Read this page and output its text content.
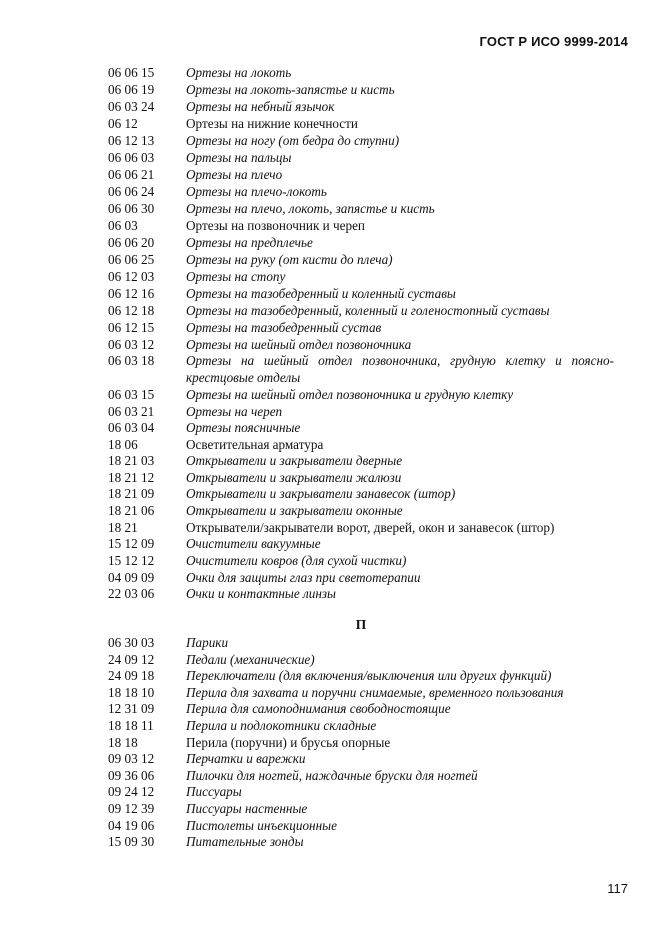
ГОСТ Р ИСО 9999-2014
06 06 15	Ортезы на локоть
06 06 19	Ортезы на локоть-запястье и кисть
06 03 24	Ортезы на небный язычок
06 12	Ортезы на нижние конечности
06 12 13	Ортезы на ногу (от бедра до ступни)
06 06 03	Ортезы на пальцы
06 06 21	Ортезы на плечо
06 06 24	Ортезы на плечо-локоть
06 06 30	Ортезы на плечо, локоть, запястье и кисть
06 03	Ортезы на позвоночник и череп
06 06 20	Ортезы на предплечье
06 06 25	Ортезы на руку (от кисти до плеча)
06 12 03	Ортезы на стопу
06 12 16	Ортезы на тазобедренный и коленный суставы
06 12 18	Ортезы на тазобедренный, коленный и голеностопный суставы
06 12 15	Ортезы на тазобедренный сустав
06 03 12	Ортезы на шейный отдел позвоночника
06 03 18	Ортезы на шейный отдел позвоночника, грудную клетку и пояснo-
крестцовые отделы
06 03 15	Ортезы на шейный отдел позвоночника и грудную клетку
06 03 21	Ортезы на череп
06 03 04	Ортезы поясничные
18 06	Осветительная арматура
18 21 03	Открыватели и закрыватели дверные
18 21 12	Открыватели и закрыватели жалюзи
18 21 09	Открыватели и закрыватели занавесок (штор)
18 21 06	Открыватели и закрыватели оконные
18 21	Открыватели/закрыватели ворот, дверей, окон и занавесок (штор)
15 12 09	Очистители вакуумные
15 12 12	Очистители ковров (для сухой чистки)
04 09 09	Очки для защиты глаз при светотерапии
22 03 06	Очки и контактные линзы
П
06 30 03	Парики
24 09 12	Педали (механические)
24 09 18	Переключатели (для включения/выключения или других функций)
18 18 10	Перила для захвата и поручни снимаемые, временного пользования
12 31 09	Перила для самоподнимания свободностоящие
18 18 11	Перила и подлокотники складные
18 18	Перила (поручни) и брусья опорные
09 03 12	Перчатки и варежки
09 36 06	Пилочки для ногтей, наждачные бруски для ногтей
09 24 12	Писсуары
09 12 39	Писсуары настенные
04 19 06	Пистолеты инъекционные
15 09 30	Питательные зонды
117
